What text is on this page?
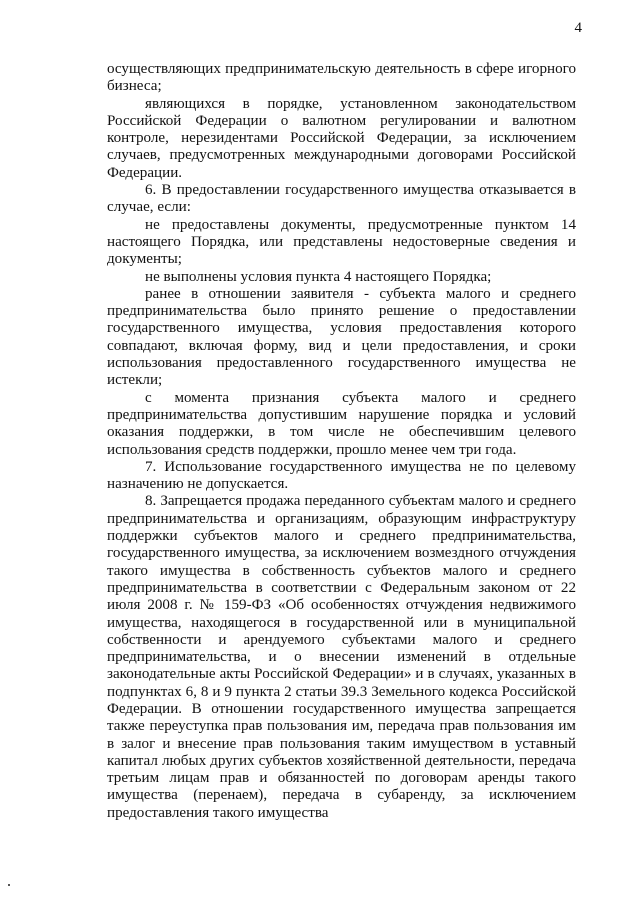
4

осуществляющих предпринимательскую деятельность в сфере игорного бизнеса;

являющихся в порядке, установленном законодательством Российской Федерации о валютном регулировании и валютном контроле, нерезидентами Российской Федерации, за исключением случаев, предусмотренных международными договорами Российской Федерации.

6. В предоставлении государственного имущества отказывается в случае, если:

не предоставлены документы, предусмотренные пунктом 14 настоящего Порядка, или представлены недостоверные сведения и документы;

не выполнены условия пункта 4 настоящего Порядка;

ранее в отношении заявителя - субъекта малого и среднего предпринимательства было принято решение о предоставлении государственного имущества, условия предоставления которого совпадают, включая форму, вид и цели предоставления, и сроки использования предоставленного государственного имущества не истекли;

с момента признания субъекта малого и среднего предпринимательства допустившим нарушение порядка и условий оказания поддержки, в том числе не обеспечившим целевого использования средств поддержки, прошло менее чем три года.

7. Использование государственного имущества не по целевому назначению не допускается.

8. Запрещается продажа переданного субъектам малого и среднего предпринимательства и организациям, образующим инфраструктуру поддержки субъектов малого и среднего предпринимательства, государственного имущества, за исключением возмездного отчуждения такого имущества в собственность субъектов малого и среднего предпринимательства в соответствии с Федеральным законом от 22 июля 2008 г. № 159-ФЗ «Об особенностях отчуждения недвижимого имущества, находящегося в государственной или в муниципальной собственности и арендуемого субъектами малого и среднего предпринимательства, и о внесении изменений в отдельные законодательные акты Российской Федерации» и в случаях, указанных в подпунктах 6, 8 и 9 пункта 2 статьи 39.3 Земельного кодекса Российской Федерации. В отношении государственного имущества запрещается также переуступка прав пользования им, передача прав пользования им в залог и внесение прав пользования таким имуществом в уставный капитал любых других субъектов хозяйственной деятельности, передача третьим лицам прав и обязанностей по договорам аренды такого имущества (перенаем), передача в субаренду, за исключением предоставления такого имущества
